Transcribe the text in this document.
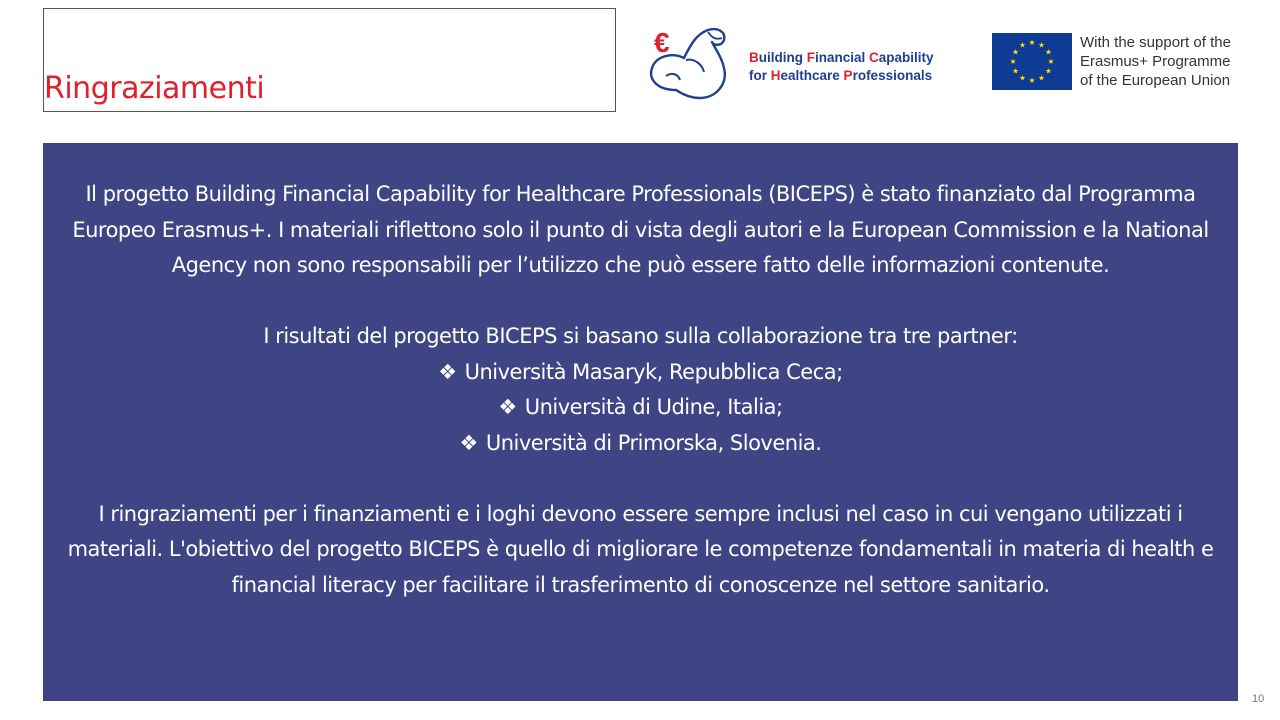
Ringraziamenti
€	Building Financial Capability
for Healthcare Professionals
With the support of the
Erasmus+ Programme
of the European Union

Il progetto Building Financial Capability for Healthcare Professionals (BICEPS) è stato finanziato dal Programma Europeo Erasmus+. I materiali riflettono solo il punto di vista degli autori e la European Commission e la National Agency non sono responsabili per l’utilizzo che può essere fatto delle informazioni contenute.

I risultati del progetto BICEPS si basano sulla collaborazione tra tre partner:

❖ Università Masaryk, Repubblica Ceca;

❖ Università di Udine, Italia;

❖ Università di Primorska, Slovenia.

I ringraziamenti per i finanziamenti e i loghi devono essere sempre inclusi nel caso in cui vengano utilizzati i materiali. L'obiettivo del progetto BICEPS è quello di migliorare le competenze fondamentali in materia di health e financial literacy per facilitare il trasferimento di conoscenze nel settore sanitario.

10
